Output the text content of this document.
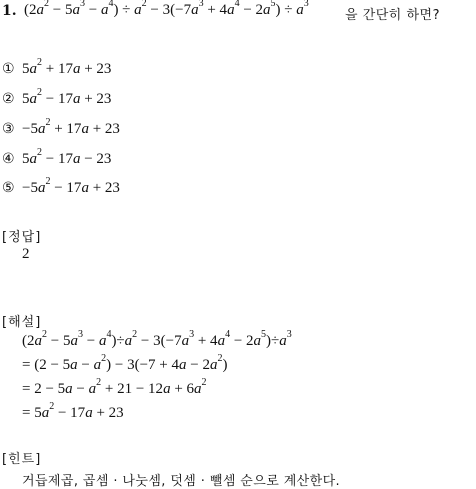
1. $(2a^2 - 5a^3 - a^4) \div a^2 - 3(-7a^3 + 4a^4 - 2a^5) \div a^3$
을 간단히 하면?
① $5a^2 + 17a + 23$
② $5a^2 - 17a + 23$
③ $-5a^2 + 17a + 23$
④ $5a^2 - 17a - 23$
⑤ $-5a^2 - 17a + 23$
[정답]
2
[해설]
$(2a^2 - 5a^3 - a^4)\div a^2 - 3(-7a^3 + 4a^4 - 2a^5)\div a^3$
= $(2 - 5a - a^2) - 3(-7 + 4a - 2a^2)$
= $2 - 5a - a^2 + 21 - 12a + 6a^2$
= $5a^2 - 17a + 23$
[힌트]
거듭제곱, 곱셈 · 나눗셈, 덧셈 · 뺄셈 순으로 계산한다.
